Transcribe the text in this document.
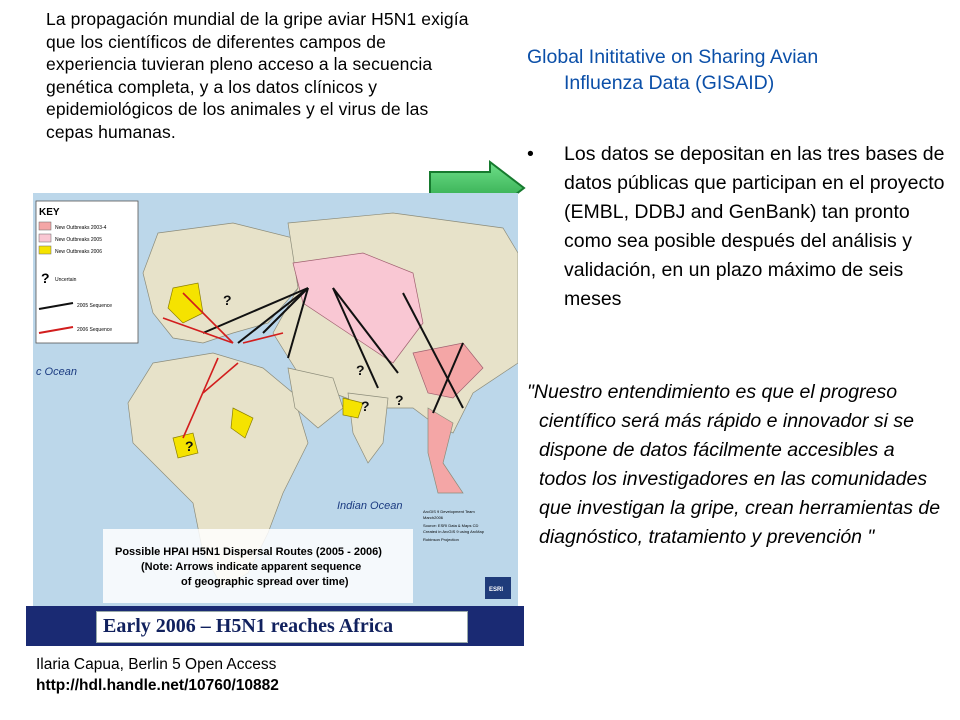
La propagación mundial de la gripe aviar H5N1 exigía que los científicos de diferentes campos de experiencia tuvieran pleno acceso a la secuencia genética completa, y a los datos clínicos y epidemiológicos de los animales y el virus de las cepas humanas.
Global Inititative on Sharing Avian
Influenza Data (GISAID)
• Los datos se depositan en las tres bases de datos públicas que participan en el proyecto (EMBL, DDBJ and GenBank) tan pronto como sea posible después del análisis y validación, en un plazo máximo de seis meses
"Nuestro entendimiento es que el progreso científico será más rápido e innovador si se dispone de datos fácilmente accesibles a todos los investigadores en las comunidades que investigan la gripe, crean herramientas de diagnóstico, tratamiento y prevención "
?
? ?
?
?
KEY
New Outbreaks 2003-4
New Outbreaks 2005
New Outbreaks 2006
? Uncertain
2005 Sequence
2006 Sequence
c Ocean
Indian Ocean
Possible HPAI H5N1 Dispersal Routes (2005 - 2006)
(Note: Arrows indicate apparent sequence
of geographic spread over time)
ArcGIS 9 Development Team
March2006
Source: ESRI Data & Maps CD
Created in ArcGIS 9 using ArcMap
Robinson Projection
ESRI
Early 2006 – H5N1 reaches Africa
Ilaria Capua, Berlin 5 Open Access
http://hdl.handle.net/10760/10882
